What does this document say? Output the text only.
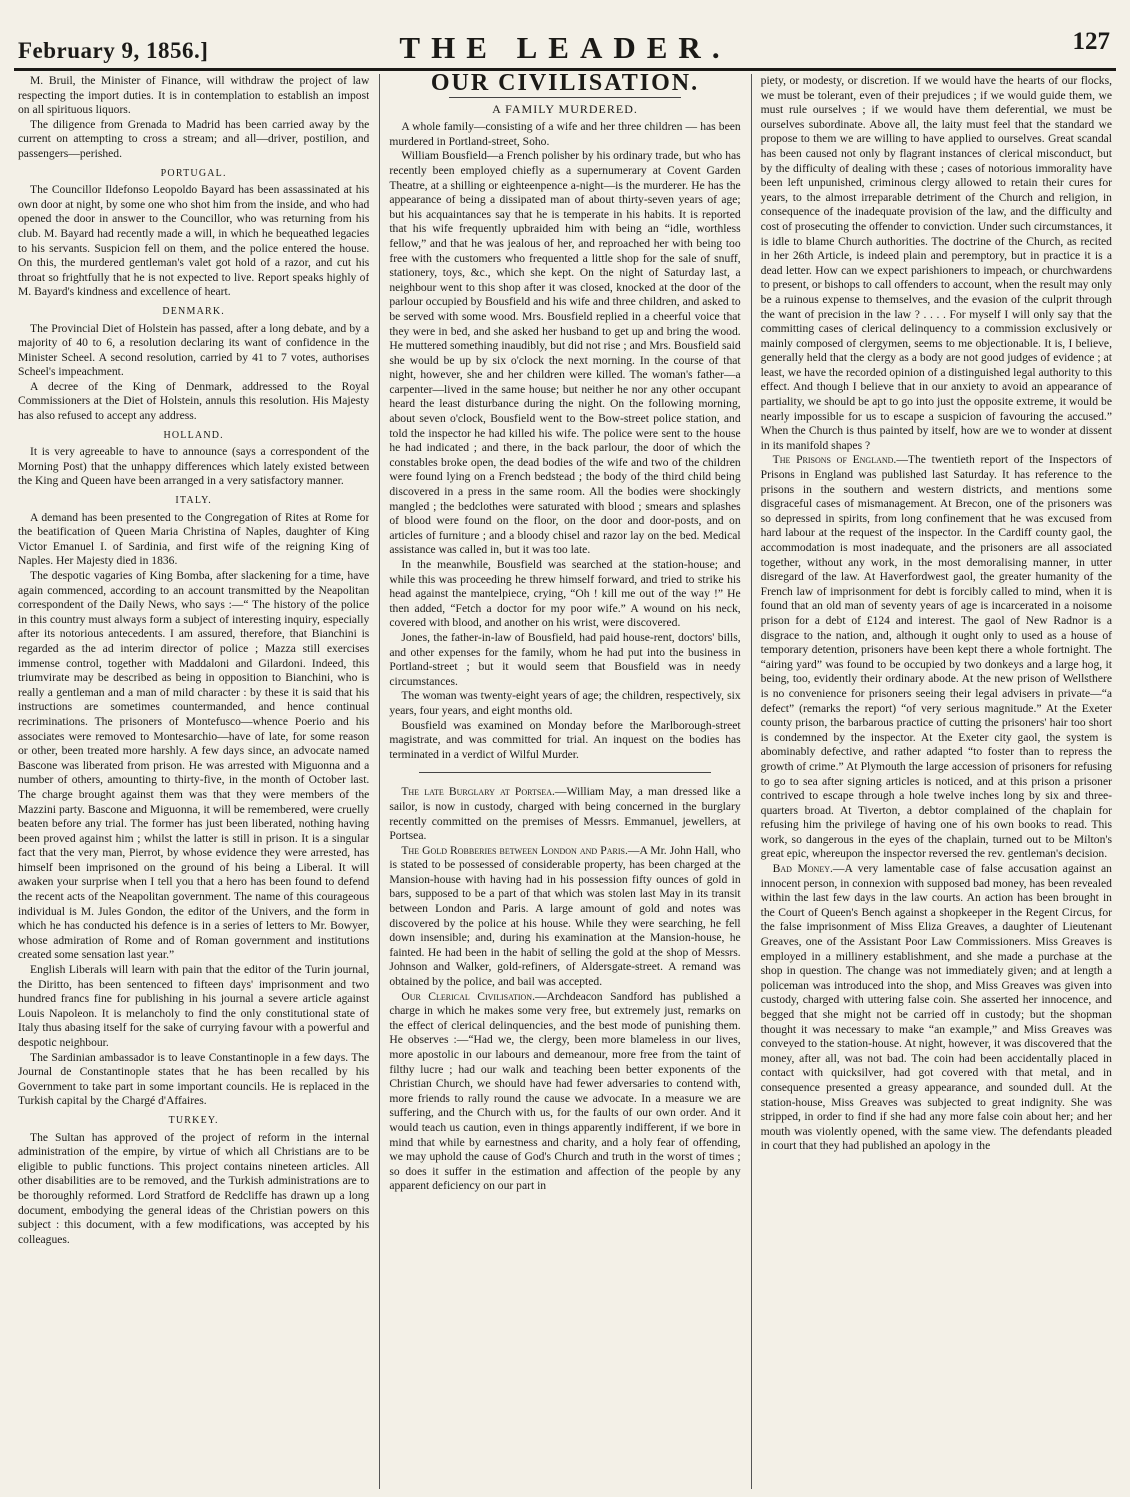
February 9, 1856.]	THE LEADER.	127

M. Bruil, the Minister of Finance, will withdraw the project of law respecting the import duties. It is in contemplation to establish an impost on all spirituous liquors.

The diligence from Grenada to Madrid has been carried away by the current on attempting to cross a stream; and all—driver, postilion, and passengers—perished.

PORTUGAL.

The Councillor Ildefonso Leopoldo Bayard has been assassinated at his own door at night, by some one who shot him from the inside, and who had opened the door in answer to the Councillor, who was returning from his club. M. Bayard had recently made a will, in which he bequeathed legacies to his servants. Suspicion fell on them, and the police entered the house. On this, the murdered gentleman's valet got hold of a razor, and cut his throat so frightfully that he is not expected to live. Report speaks highly of M. Bayard's kindness and excellence of heart.

DENMARK.

The Provincial Diet of Holstein has passed, after a long debate, and by a majority of 40 to 6, a resolution declaring its want of confidence in the Minister Scheel. A second resolution, carried by 41 to 7 votes, authorises Scheel's impeachment.

A decree of the King of Denmark, addressed to the Royal Commissioners at the Diet of Holstein, annuls this resolution. His Majesty has also refused to accept any address.

HOLLAND.

It is very agreeable to have to announce (says a correspondent of the Morning Post) that the unhappy differences which lately existed between the King and Queen have been arranged in a very satisfactory manner.

ITALY.

A demand has been presented to the Congregation of Rites at Rome for the beatification of Queen Maria Christina of Naples, daughter of King Victor Emanuel I. of Sardinia, and first wife of the reigning King of Naples. Her Majesty died in 1836.

The despotic vagaries of King Bomba, after slackening for a time, have again commenced, according to an account transmitted by the Neapolitan correspondent of the Daily News, who says :—“ The history of the police in this country must always form a subject of interesting inquiry, especially after its notorious antecedents. I am assured, therefore, that Bianchini is regarded as the ad interim director of police ; Mazza still exercises immense control, together with Maddaloni and Gilardoni. Indeed, this triumvirate may be described as being in opposition to Bianchini, who is really a gentleman and a man of mild character : by these it is said that his instructions are sometimes countermanded, and hence continual recriminations. The prisoners of Montefusco—whence Poerio and his associates were removed to Montesarchio—have of late, for some reason or other, been treated more harshly. A few days since, an advocate named Bascone was liberated from prison. He was arrested with Miguonna and a number of others, amounting to thirty-five, in the month of October last. The charge brought against them was that they were members of the Mazzini party. Bascone and Miguonna, it will be remembered, were cruelly beaten before any trial. The former has just been liberated, nothing having been proved against him ; whilst the latter is still in prison. It is a singular fact that the very man, Pierrot, by whose evidence they were arrested, has himself been imprisoned on the ground of his being a Liberal. It will awaken your surprise when I tell you that a hero has been found to defend the recent acts of the Neapolitan government. The name of this courageous individual is M. Jules Gondon, the editor of the Univers, and the form in which he has conducted his defence is in a series of letters to Mr. Bowyer, whose admiration of Rome and of Roman government and institutions created some sensation last year.”

English Liberals will learn with pain that the editor of the Turin journal, the Diritto, has been sentenced to fifteen days' imprisonment and two hundred francs fine for publishing in his journal a severe article against Louis Napoleon. It is melancholy to find the only constitutional state of Italy thus abasing itself for the sake of currying favour with a powerful and despotic neighbour.

The Sardinian ambassador is to leave Constantinople in a few days. The Journal de Constantinople states that he has been recalled by his Government to take part in some important councils. He is replaced in the Turkish capital by the Chargé d'Affaires.

TURKEY.

The Sultan has approved of the project of reform in the internal administration of the empire, by virtue of which all Christians are to be eligible to public functions. This project contains nineteen articles. All other disabilities are to be removed, and the Turkish administrations are to be thoroughly reformed. Lord Stratford de Redcliffe has drawn up a long document, embodying the general ideas of the Christian powers on this subject : this document, with a few modifications, was accepted by his colleagues.

OUR CIVILISATION.
A FAMILY MURDERED.

A whole family—consisting of a wife and her three children — has been murdered in Portland-street, Soho.

William Bousfield—a French polisher by his ordinary trade, but who has recently been employed chiefly as a supernumerary at Covent Garden Theatre, at a shilling or eighteenpence a-night—is the murderer. He has the appearance of being a dissipated man of about thirty-seven years of age; but his acquaintances say that he is temperate in his habits. It is reported that his wife frequently upbraided him with being an “idle, worthless fellow,” and that he was jealous of her, and reproached her with being too free with the customers who frequented a little shop for the sale of snuff, stationery, toys, &c., which she kept. On the night of Saturday last, a neighbour went to this shop after it was closed, knocked at the door of the parlour occupied by Bousfield and his wife and three children, and asked to be served with some wood. Mrs. Bousfield replied in a cheerful voice that they were in bed, and she asked her husband to get up and bring the wood. He muttered something inaudibly, but did not rise ; and Mrs. Bousfield said she would be up by six o'clock the next morning. In the course of that night, however, she and her children were killed. The woman's father—a carpenter—lived in the same house; but neither he nor any other occupant heard the least disturbance during the night. On the following morning, about seven o'clock, Bousfield went to the Bow-street police station, and told the inspector he had killed his wife. The police were sent to the house he had indicated ; and there, in the back parlour, the door of which the constables broke open, the dead bodies of the wife and two of the children were found lying on a French bedstead ; the body of the third child being discovered in a press in the same room. All the bodies were shockingly mangled ; the bedclothes were saturated with blood ; smears and splashes of blood were found on the floor, on the door and door-posts, and on articles of furniture ; and a bloody chisel and razor lay on the bed. Medical assistance was called in, but it was too late.

In the meanwhile, Bousfield was searched at the station-house; and while this was proceeding he threw himself forward, and tried to strike his head against the mantelpiece, crying, “Oh ! kill me out of the way !” He then added, “Fetch a doctor for my poor wife.” A wound on his neck, covered with blood, and another on his wrist, were discovered.

Jones, the father-in-law of Bousfield, had paid house-rent, doctors' bills, and other expenses for the family, whom he had put into the business in Portland-street ; but it would seem that Bousfield was in needy circumstances.

The woman was twenty-eight years of age; the children, respectively, six years, four years, and eight months old.

Bousfield was examined on Monday before the Marlborough-street magistrate, and was committed for trial. An inquest on the bodies has terminated in a verdict of Wilful Murder.

The late Burglary at Portsea.—William May, a man dressed like a sailor, is now in custody, charged with being concerned in the burglary recently committed on the premises of Messrs. Emmanuel, jewellers, at Portsea.

The Gold Robberies between London and Paris.—A Mr. John Hall, who is stated to be possessed of considerable property, has been charged at the Mansion-house with having had in his possession fifty ounces of gold in bars, supposed to be a part of that which was stolen last May in its transit between London and Paris. A large amount of gold and notes was discovered by the police at his house. While they were searching, he fell down insensible; and, during his examination at the Mansion-house, he fainted. He had been in the habit of selling the gold at the shop of Messrs. Johnson and Walker, gold-refiners, of Aldersgate-street. A remand was obtained by the police, and bail was accepted.

Our Clerical Civilisation.—Archdeacon Sandford has published a charge in which he makes some very free, but extremely just, remarks on the effect of clerical delinquencies, and the best mode of punishing them. He observes :—“Had we, the clergy, been more blameless in our lives, more apostolic in our labours and demeanour, more free from the taint of filthy lucre ; had our walk and teaching been better exponents of the Christian Church, we should have had fewer adversaries to contend with, more friends to rally round the cause we advocate. In a measure we are suffering, and the Church with us, for the faults of our own order. And it would teach us caution, even in things apparently indifferent, if we bore in mind that while by earnestness and charity, and a holy fear of offending, we may uphold the cause of God's Church and truth in the worst of times ; so does it suffer in the estimation and affection of the people by any apparent deficiency on our part in

piety, or modesty, or discretion. If we would have the hearts of our flocks, we must be tolerant, even of their prejudices ; if we would guide them, we must rule ourselves ; if we would have them deferential, we must be ourselves subordinate. Above all, the laity must feel that the standard we propose to them we are willing to have applied to ourselves. Great scandal has been caused not only by flagrant instances of clerical misconduct, but by the difficulty of dealing with these ; cases of notorious immorality have been left unpunished, criminous clergy allowed to retain their cures for years, to the almost irreparable detriment of the Church and religion, in consequence of the inadequate provision of the law, and the difficulty and cost of prosecuting the offender to conviction. Under such circumstances, it is idle to blame Church authorities. The doctrine of the Church, as recited in her 26th Article, is indeed plain and peremptory, but in practice it is a dead letter. How can we expect parishioners to impeach, or churchwardens to present, or bishops to call offenders to account, when the result may only be a ruinous expense to themselves, and the evasion of the culprit through the want of precision in the law ? . . . . For myself I will only say that the committing cases of clerical delinquency to a commission exclusively or mainly composed of clergymen, seems to me objectionable. It is, I believe, generally held that the clergy as a body are not good judges of evidence ; at least, we have the recorded opinion of a distinguished legal authority to this effect. And though I believe that in our anxiety to avoid an appearance of partiality, we should be apt to go into just the opposite extreme, it would be nearly impossible for us to escape a suspicion of favouring the accused.” When the Church is thus painted by itself, how are we to wonder at dissent in its manifold shapes ?

The Prisons of England.—The twentieth report of the Inspectors of Prisons in England was published last Saturday. It has reference to the prisons in the southern and western districts, and mentions some disgraceful cases of mismanagement. At Brecon, one of the prisoners was so depressed in spirits, from long confinement that he was excused from hard labour at the request of the inspector. In the Cardiff county gaol, the accommodation is most inadequate, and the prisoners are all associated together, without any work, in the most demoralising manner, in utter disregard of the law. At Haverfordwest gaol, the greater humanity of the French law of imprisonment for debt is forcibly called to mind, when it is found that an old man of seventy years of age is incarcerated in a noisome prison for a debt of £124 and interest. The gaol of New Radnor is a disgrace to the nation, and, although it ought only to used as a house of temporary detention, prisoners have been kept there a whole fortnight. The “airing yard” was found to be occupied by two donkeys and a large hog, it being, too, evidently their ordinary abode. At the new prison of Wellsthere is no convenience for prisoners seeing their legal advisers in private—“a defect” (remarks the report) “of very serious magnitude.” At the Exeter county prison, the barbarous practice of cutting the prisoners' hair too short is condemned by the inspector. At the Exeter city gaol, the system is abominably defective, and rather adapted “to foster than to repress the growth of crime.” At Plymouth the large accession of prisoners for refusing to go to sea after signing articles is noticed, and at this prison a prisoner contrived to escape through a hole twelve inches long by six and three-quarters broad. At Tiverton, a debtor complained of the chaplain for refusing him the privilege of having one of his own books to read. This work, so dangerous in the eyes of the chaplain, turned out to be Milton's great epic, whereupon the inspector reversed the rev. gentleman's decision.

Bad Money.—A very lamentable case of false accusation against an innocent person, in connexion with supposed bad money, has been revealed within the last few days in the law courts. An action has been brought in the Court of Queen's Bench against a shopkeeper in the Regent Circus, for the false imprisonment of Miss Eliza Greaves, a daughter of Lieutenant Greaves, one of the Assistant Poor Law Commissioners. Miss Greaves is employed in a millinery establishment, and she made a purchase at the shop in question. The change was not immediately given; and at length a policeman was introduced into the shop, and Miss Greaves was given into custody, charged with uttering false coin. She asserted her innocence, and begged that she might not be carried off in custody; but the shopman thought it was necessary to make “an example,” and Miss Greaves was conveyed to the station-house. At night, however, it was discovered that the money, after all, was not bad. The coin had been accidentally placed in contact with quicksilver, had got covered with that metal, and in consequence presented a greasy appearance, and sounded dull. At the station-house, Miss Greaves was subjected to great indignity. She was stripped, in order to find if she had any more false coin about her; and her mouth was violently opened, with the same view. The defendants pleaded in court that they had published an apology in the
